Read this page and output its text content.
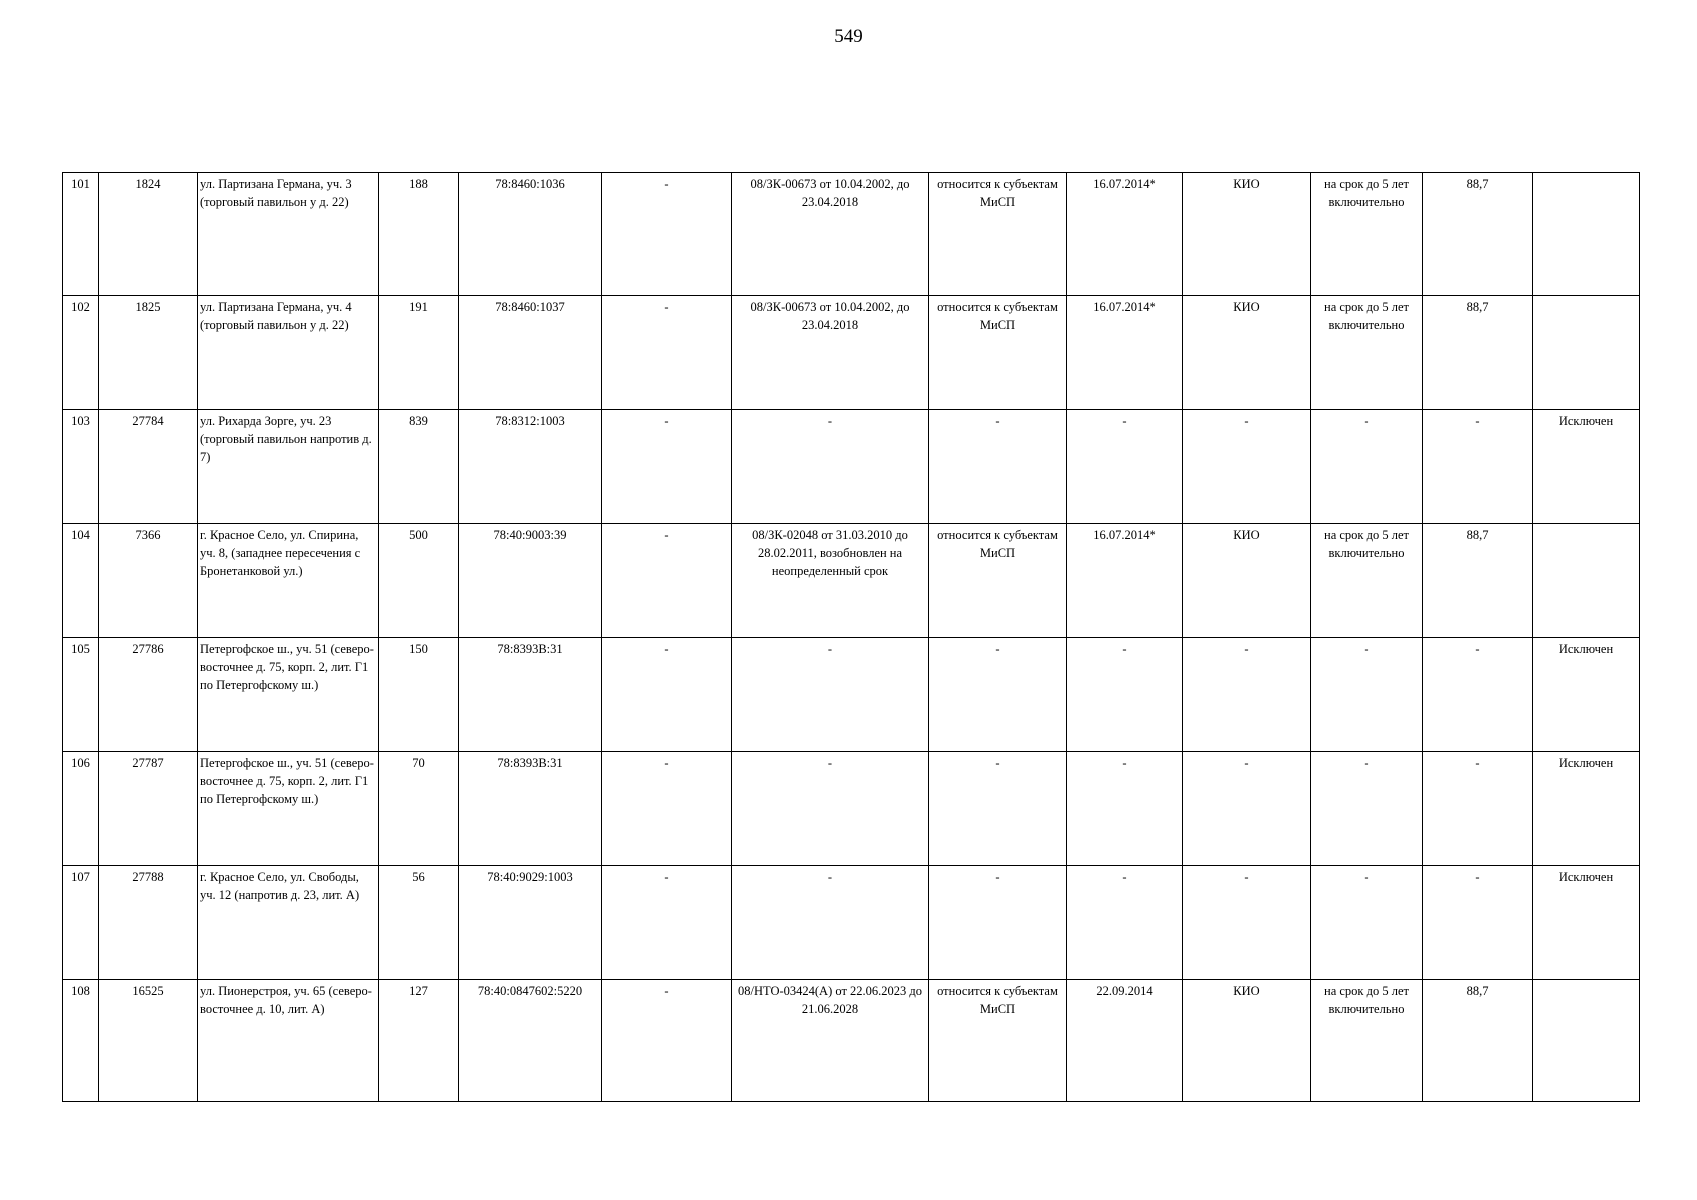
549
101	1824	ул. Партизана Германа, уч. 3 (торговый павильон у д. 22)	188	78:8460:1036	-	08/ЗК-00673 от 10.04.2002, до 23.04.2018	относится к субъектам МиСП	16.07.2014*	КИО	на срок до 5 лет включительно	88,7	
102	1825	ул. Партизана Германа, уч. 4 (торговый павильон у д. 22)	191	78:8460:1037	-	08/ЗК-00673 от 10.04.2002, до 23.04.2018	относится к субъектам МиСП	16.07.2014*	КИО	на срок до 5 лет включительно	88,7	
103	27784	ул. Рихарда Зорге, уч. 23 (торговый павильон напротив д. 7)	839	78:8312:1003	-	-	-	-	-	-	-	Исключен
104	7366	г. Красное Село, ул. Спирина, уч. 8, (западнее пересечения с Бронетанковой ул.)	500	78:40:9003:39	-	08/ЗК-02048 от 31.03.2010 до 28.02.2011, возобновлен на неопределенный срок	относится к субъектам МиСП	16.07.2014*	КИО	на срок до 5 лет включительно	88,7	
105	27786	Петергофское ш., уч. 51 (северо-восточнее д. 75, корп. 2, лит. Г1 по Петергофскому ш.)	150	78:8393В:31	-	-	-	-	-	-	-	Исключен
106	27787	Петергофское ш., уч. 51 (северо-восточнее д. 75, корп. 2, лит. Г1 по Петергофскому ш.)	70	78:8393В:31	-	-	-	-	-	-	-	Исключен
107	27788	г. Красное Село, ул. Свободы, уч. 12 (напротив д. 23, лит. А)	56	78:40:9029:1003	-	-	-	-	-	-	-	Исключен
108	16525	ул. Пионерстроя, уч. 65 (северо-восточнее д. 10, лит. А)	127	78:40:0847602:5220	-	08/НТО-03424(А) от 22.06.2023 до 21.06.2028	относится к субъектам МиСП	22.09.2014	КИО	на срок до 5 лет включительно	88,7	
